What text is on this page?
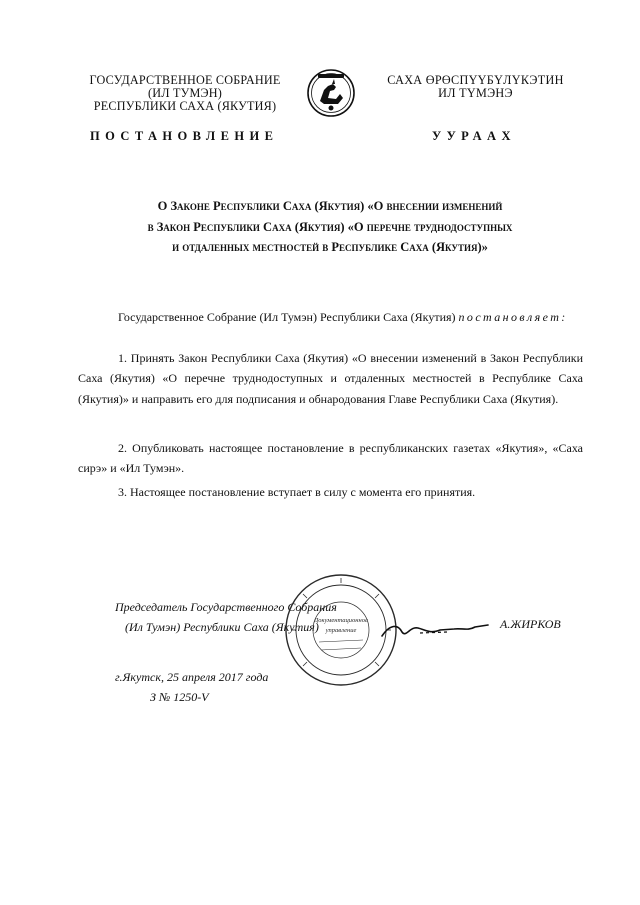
ГОСУДАРСТВЕННОЕ СОБРАНИЕ
(ИЛ ТУМЭН)
РЕСПУБЛИКИ САХА (ЯКУТИЯ)
САХА ӨРӨСПҮҮБҮЛҮКЭТИН
ИЛ ТҮМЭНЭ
ПОСТАНОВЛЕНИЕ	УУРААХ
О Законе Республики Саха (Якутия) «О внесении изменений
в Закон Республики Саха (Якутия) «О перечне труднодоступных
и отдаленных местностей в Республике Саха (Якутия)»
Государственное Собрание (Ил Тумэн) Республики Саха (Якутия) постановляет:
1. Принять Закон Республики Саха (Якутия) «О внесении изменений в Закон Республики Саха (Якутия) «О перечне труднодоступных и отдаленных местностей в Республике Саха (Якутия)» и направить его для подписания и обнародования Главе Республики Саха (Якутия).
2. Опубликовать настоящее постановление в республиканских газетах «Якутия», «Саха сирэ» и «Ил Тумэн».
3. Настоящее постановление вступает в силу с момента его принятия.
Председатель Государственного Собрания
(Ил Тумэн) Республики Саха (Якутия)
Документационное
управление	А.ЖИРКОВ
г.Якутск, 25 апреля 2017 года
З № 1250-V
